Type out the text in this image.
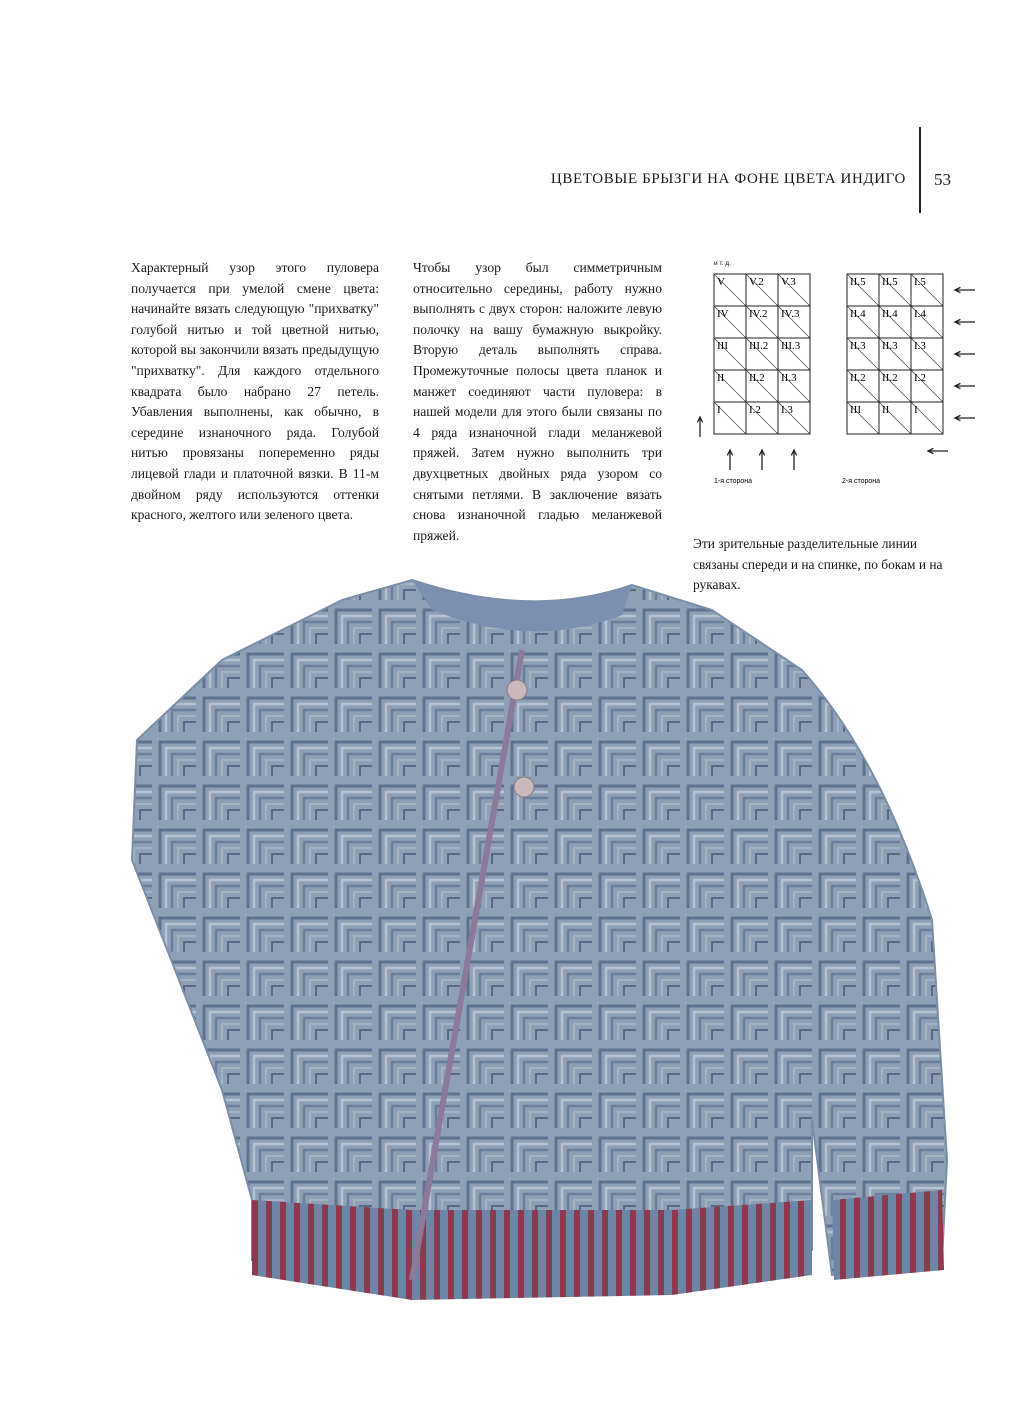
ЦВЕТОВЫЕ БРЫЗГИ НА ФОНЕ ЦВЕТА ИНДИГО 53

Характерный узор этого пуловера получается при умелой смене цвета: начинайте вязать следующую "прихватку" голубой нитью и той цветной нитью, которой вы закончили вязать предыдущую "прихватку". Для каждого отдельного квадрата было набрано 27 петель. Убавления выполнены, как обычно, в середине изнаночного ряда. Голубой нитью провязаны попеременно ряды лицевой глади и платочной вязки. В 11-м двойном ряду используются оттенки красного, желтого или зеленого цвета.

Чтобы узор был симметричным относительно середины, работу нужно выполнять с двух сторон: наложите левую полочку на вашу бумажную выкройку. Вторую деталь выполнять справа. Промежуточные полосы цвета планок и манжет соединяют части пуловера: в нашей модели для этого были связаны по 4 ряда изнаночной глади меланжевой пряжей. Затем нужно выполнить три двухцветных двойных ряда узором со снятыми петлями. В заключение вязать снова изнаночной гладью меланжевой пряжей.

V V.2 V.3
IV IV.2 IV.3
III III.2 III.3
II II.2 II.3
I	I.2 I.3
II.5 II.5 I.5
II.4 II.4 I.4
II.3 II.3 I.3
II.2 II.2 I.2
III II I
и т. д.
1-я сторона	2-я сторона

Эти зрительные разделительные линии связаны спереди и на спинке, по бокам и на рукавах.
